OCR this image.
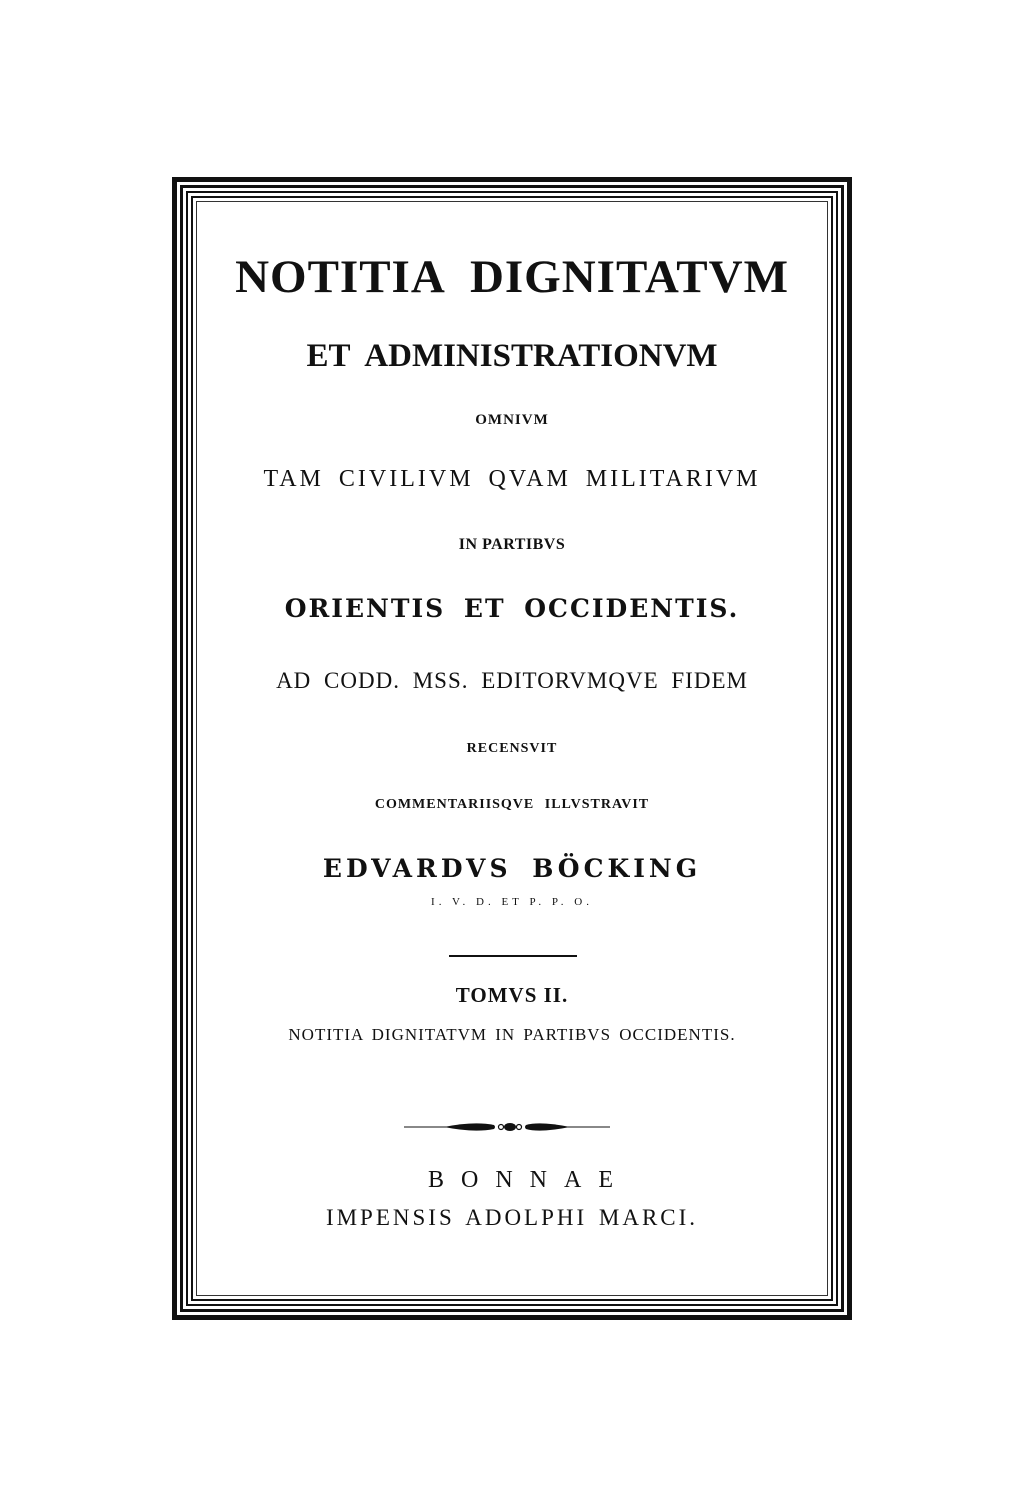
NOTITIA DIGNITATVM
ET ADMINISTRATIONVM
OMNIVM
TAM CIVILIVM QVAM MILITARIVM
IN PARTIBVS
ORIENTIS ET OCCIDENTIS.
AD CODD. MSS. EDITORVMQVE FIDEM
RECENSVIT
COMMENTARIISQVE ILLVSTRAVIT
EDVARDVS BÖCKING
I. V. D. ET P. P. O.
TOMVS II.
NOTITIA DIGNITATVM IN PARTIBVS OCCIDENTIS.
BONNAE
IMPENSIS ADOLPHI MARCI.
